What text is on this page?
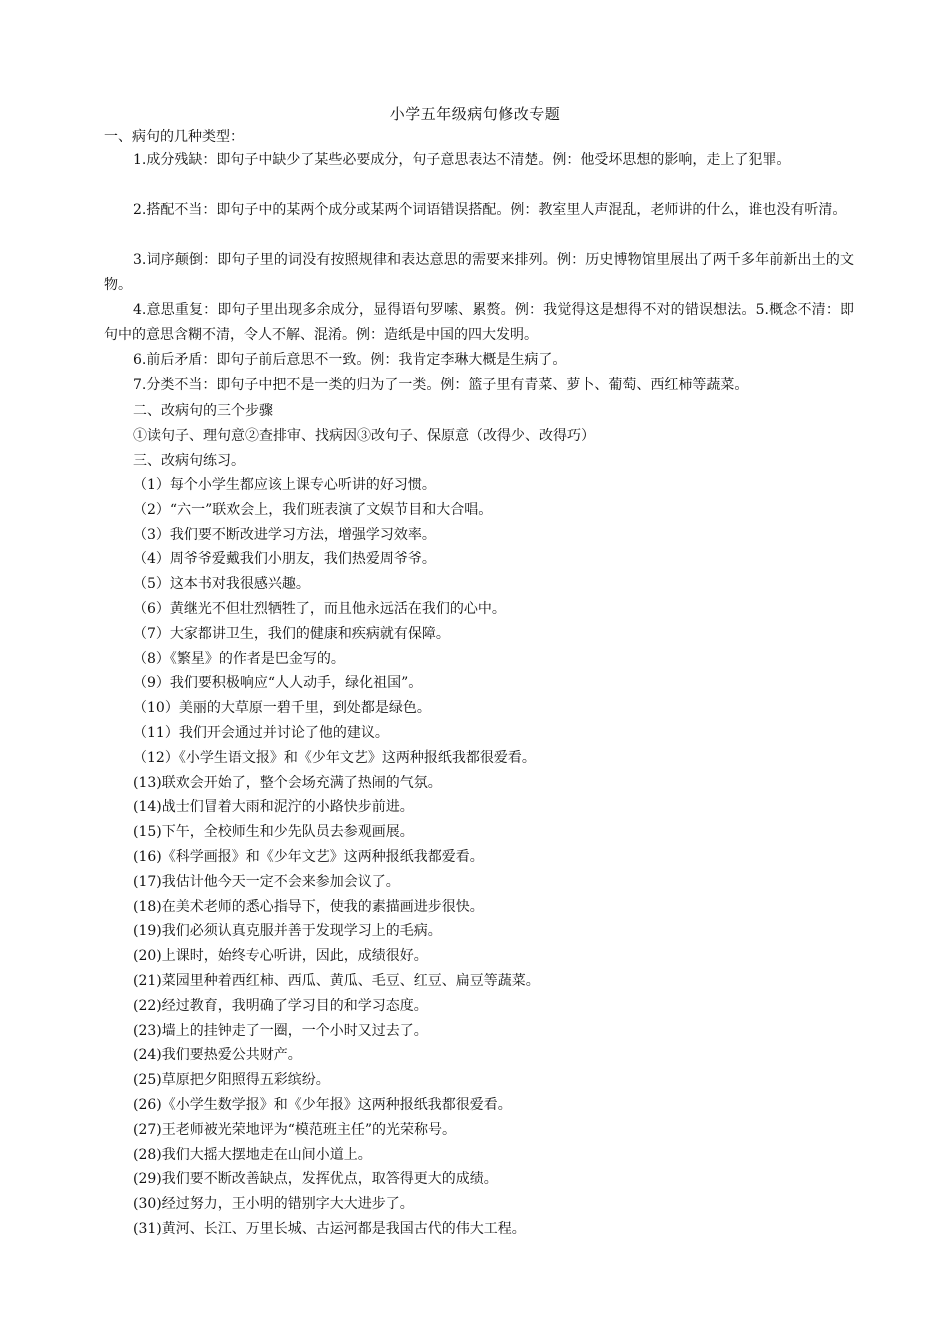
小学五年级病句修改专题
一、病句的几种类型：
1.成分残缺：即句子中缺少了某些必要成分，句子意思表达不清楚。例：他受坏思想的影响，走上了犯罪。
2.搭配不当：即句子中的某两个成分或某两个词语错误搭配。例：教室里人声混乱，老师讲的什么，谁也没有听清。
3.词序颠倒：即句子里的词没有按照规律和表达意思的需要来排列。例：历史博物馆里展出了两千多年前新出土的文物。
4.意思重复：即句子里出现多余成分，显得语句罗嗦、累赘。例：我觉得这是想得不对的错误想法。5.概念不清：即句中的意思含糊不清，令人不解、混淆。例：造纸是中国的四大发明。
6.前后矛盾：即句子前后意思不一致。例：我肯定李琳大概是生病了。
7.分类不当：即句子中把不是一类的归为了一类。例：篮子里有青菜、萝卜、葡萄、西红柿等蔬菜。
二、改病句的三个步骤
①读句子、理句意②查排审、找病因③改句子、保原意（改得少、改得巧）
三、改病句练习。
（1）每个小学生都应该上课专心听讲的好习惯。
（2）“六一”联欢会上，我们班表演了文娱节目和大合唱。
（3）我们要不断改进学习方法，增强学习效率。
（4）周爷爷爱戴我们小朋友，我们热爱周爷爷。
（5）这本书对我很感兴趣。
（6）黄继光不但壮烈牺牲了，而且他永远活在我们的心中。
（7）大家都讲卫生，我们的健康和疾病就有保障。
（8）《繁星》的作者是巴金写的。
（9）我们要积极响应“人人动手，绿化祖国”。
（10）美丽的大草原一碧千里，到处都是绿色。
（11）我们开会通过并讨论了他的建议。
（12）《小学生语文报》和《少年文艺》这两种报纸我都很爱看。
(13)联欢会开始了，整个会场充满了热闹的气氛。
(14)战士们冒着大雨和泥泞的小路快步前进。
(15)下午，全校师生和少先队员去参观画展。
(16)《科学画报》和《少年文艺》这两种报纸我都爱看。
(17)我估计他今天一定不会来参加会议了。
(18)在美术老师的悉心指导下，使我的素描画进步很快。
(19)我们必须认真克服并善于发现学习上的毛病。
(20)上课时，始终专心听讲，因此，成绩很好。
(21)菜园里种着西红柿、西瓜、黄瓜、毛豆、红豆、扁豆等蔬菜。
(22)经过教育，我明确了学习目的和学习态度。
(23)墙上的挂钟走了一圈，一个小时又过去了。
(24)我们要热爱公共财产。
(25)草原把夕阳照得五彩缤纷。
(26)《小学生数学报》和《少年报》这两种报纸我都很爱看。
(27)王老师被光荣地评为“模范班主任”的光荣称号。
(28)我们大摇大摆地走在山间小道上。
(29)我们要不断改善缺点，发挥优点，取答得更大的成绩。
(30)经过努力，王小明的错别字大大进步了。
(31)黄河、长江、万里长城、古运河都是我国古代的伟大工程。
